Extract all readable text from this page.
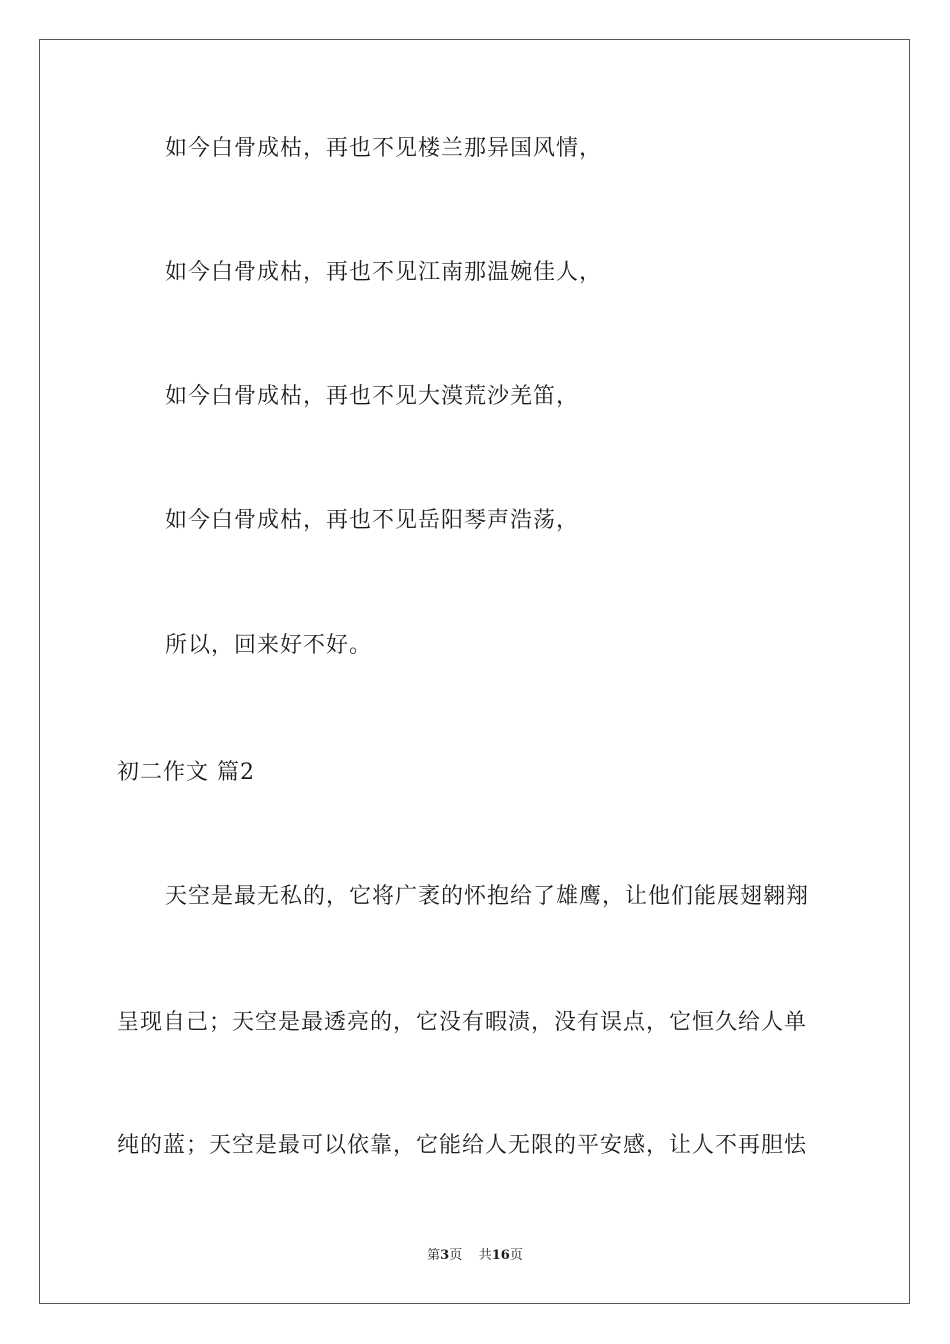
如今白骨成枯，再也不见楼兰那异国风情，
如今白骨成枯，再也不见江南那温婉佳人，
如今白骨成枯，再也不见大漠荒沙羌笛，
如今白骨成枯，再也不见岳阳琴声浩荡，
所以，回来好不好。
初二作文 篇2
天空是最无私的，它将广袤的怀抱给了雄鹰，让他们能展翅翱翔
呈现自己；天空是最透亮的，它没有暇渍，没有误点，它恒久给人单
纯的蓝；天空是最可以依靠，它能给人无限的平安感，让人不再胆怯
第3页    共16页
